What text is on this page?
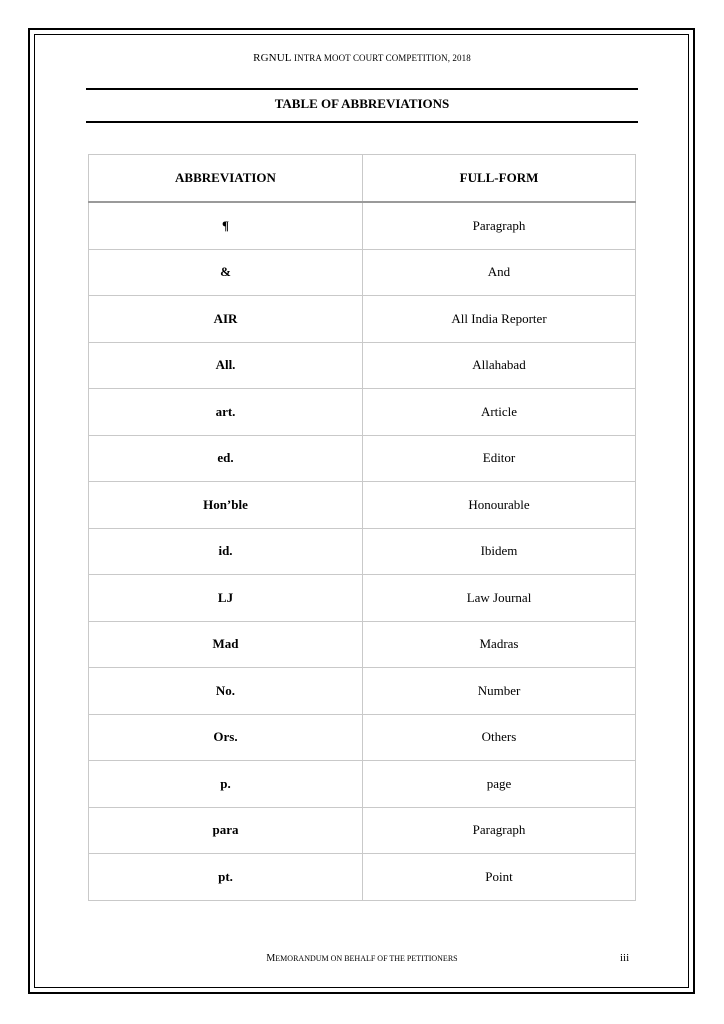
RGNUL INTRA MOOT COURT COMPETITION, 2018
TABLE OF ABBREVIATIONS
ABBREVIATION	FULL-FORM
¶	Paragraph
&	And
AIR	All India Reporter
All.	Allahabad
art.	Article
ed.	Editor
Hon’ble	Honourable
id.	Ibidem
LJ	Law Journal
Mad	Madras
No.	Number
Ors.	Others
p.	page
para	Paragraph
pt.	Point
MEMORANDUM ON BEHALF OF THE PETITIONERS	iii
